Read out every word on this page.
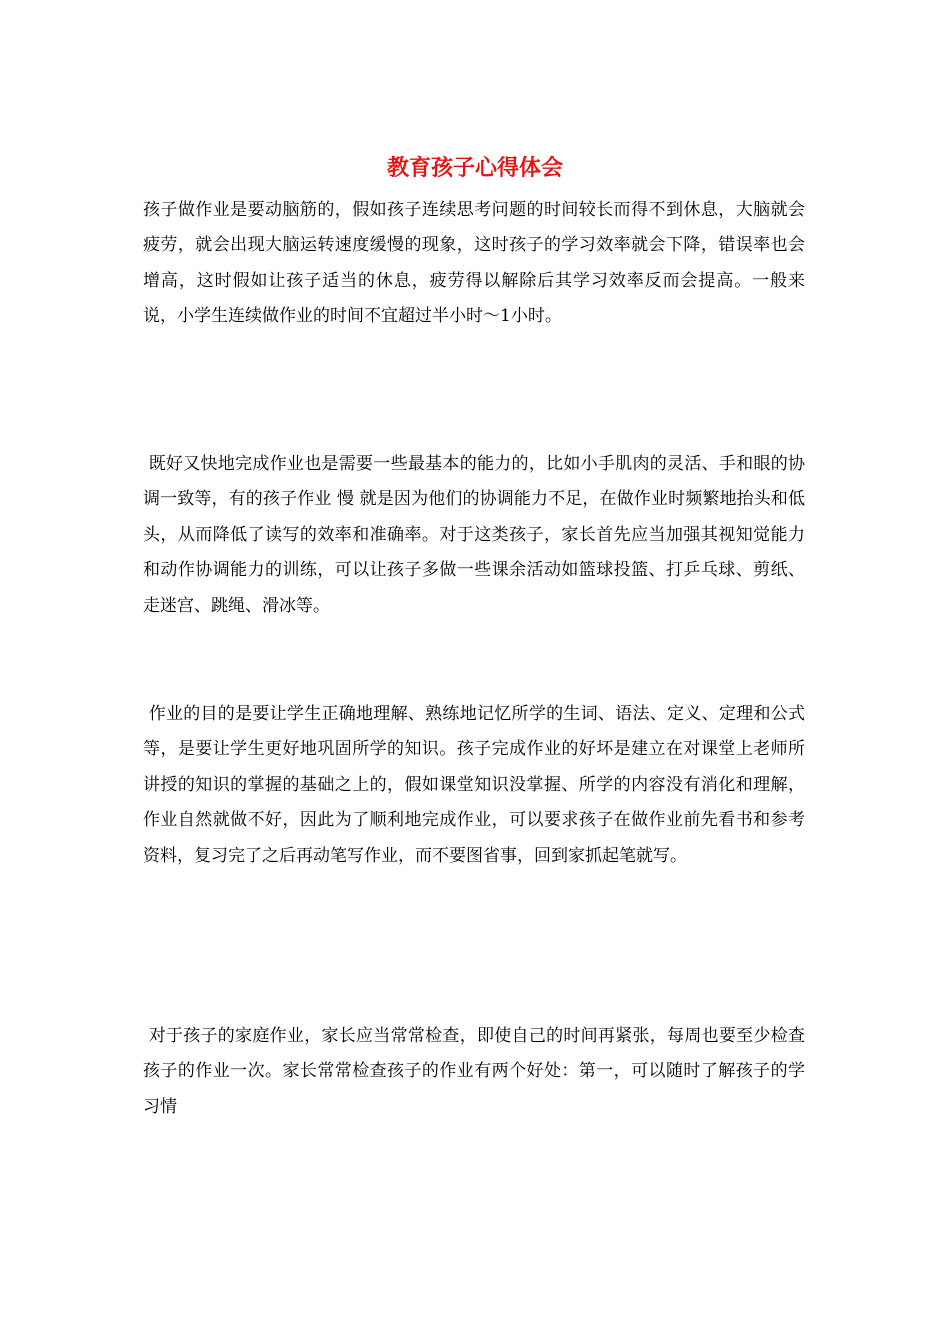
教育孩子心得体会

孩子做作业是要动脑筋的，假如孩子连续思考问题的时间较长而得不到休息，大脑就会疲劳，就会出现大脑运转速度缓慢的现象，这时孩子的学习效率就会下降，错误率也会增高，这时假如让孩子适当的休息，疲劳得以解除后其学习效率反而会提高。一般来说，小学生连续做作业的时间不宜超过半小时～1小时。

既好又快地完成作业也是需要一些最基本的能力的，比如小手肌肉的灵活、手和眼的协调一致等，有的孩子作业 慢 就是因为他们的协调能力不足，在做作业时频繁地抬头和低头，从而降低了读写的效率和准确率。对于这类孩子，家长首先应当加强其视知觉能力和动作协调能力的训练，可以让孩子多做一些课余活动如篮球投篮、打乒乓球、剪纸、走迷宫、跳绳、滑冰等。

作业的目的是要让学生正确地理解、熟练地记忆所学的生词、语法、定义、定理和公式等，是要让学生更好地巩固所学的知识。孩子完成作业的好坏是建立在对课堂上老师所讲授的知识的掌握的基础之上的，假如课堂知识没掌握、所学的内容没有消化和理解，作业自然就做不好，因此为了顺利地完成作业，可以要求孩子在做作业前先看书和参考资料，复习完了之后再动笔写作业，而不要图省事，回到家抓起笔就写。

对于孩子的家庭作业，家长应当常常检查，即使自己的时间再紧张，每周也要至少检查孩子的作业一次。家长常常检查孩子的作业有两个好处：第一，可以随时了解孩子的学习情
